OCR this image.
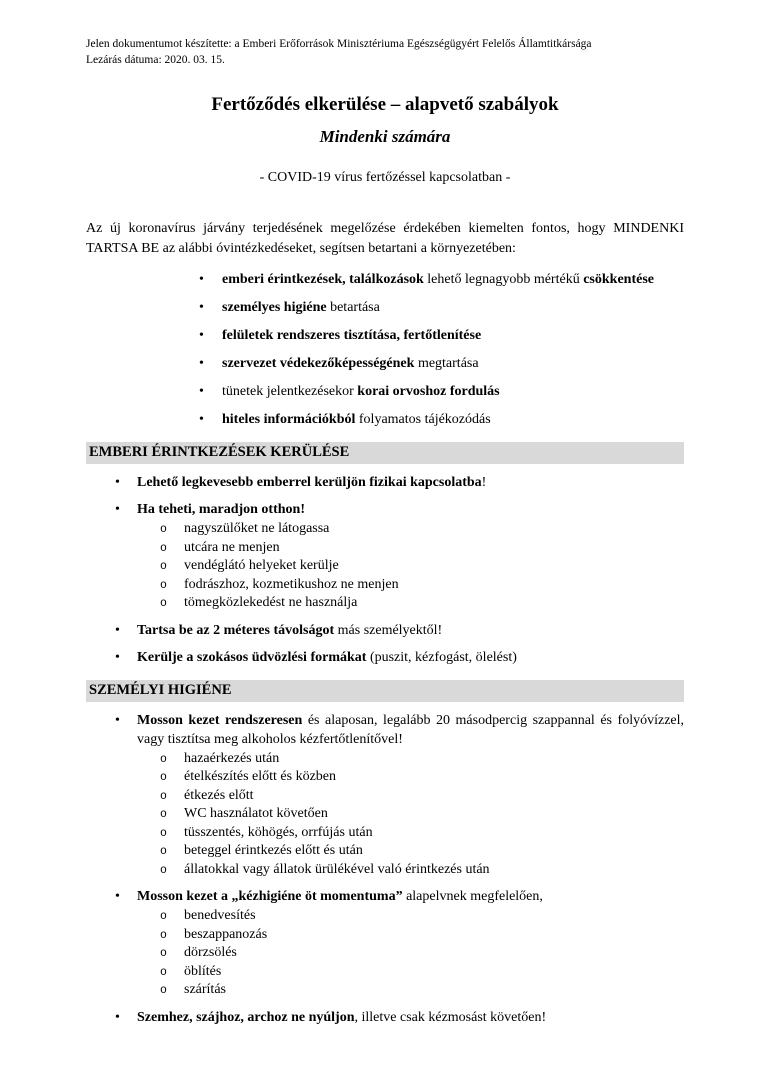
Jelen dokumentumot készítette: a Emberi Erőforrások Minisztériuma Egészségügyért Felelős Államtitkársága
Lezárás dátuma: 2020. 03. 15.
Fertőződés elkerülése – alapvető szabályok
Mindenki számára
- COVID-19 vírus fertőzéssel kapcsolatban -

Az új koronavírus járvány terjedésének megelőzése érdekében kiemelten fontos, hogy MINDENKI TARTSA BE az alábbi óvintézkedéseket, segítsen betartani a környezetében:

• emberi érintkezések, találkozások lehető legnagyobb mértékű csökkentése
• személyes higiéne betartása
• felületek rendszeres tisztítása, fertőtlenítése
• szervezet védekezőképességének megtartása
• tünetek jelentkezésekor korai orvoshoz fordulás
• hiteles információkból folyamatos tájékozódás
EMBERI ÉRINTKEZÉSEK KERÜLÉSE
• Lehető legkevesebb emberrel kerüljön fizikai kapcsolatba!
• Ha teheti, maradjon otthon!
o nagyszülőket ne látogassa
o utcára ne menjen
o vendéglátó helyeket kerülje
o fodrászhoz, kozmetikushoz ne menjen
o tömegközlekedést ne használja
• Tartsa be az 2 méteres távolságot más személyektől!
• Kerülje a szokásos üdvözlési formákat (puszit, kézfogást, ölelést)
SZEMÉLYI HIGIÉNE
• Mosson kezet rendszeresen és alaposan, legalább 20 másodpercig szappannal és folyóvízzel, vagy tisztítsa meg alkoholos kézfertőtlenítővel!
o hazaérkezés után
o ételkészítés előtt és közben
o étkezés előtt
o WC használatot követően
o tüsszentés, köhögés, orrfújás után
o beteggel érintkezés előtt és után
o állatokkal vagy állatok ürülékével való érintkezés után
• Mosson kezet a „kézhigiéne öt momentuma” alapelvnek megfelelően,
o benedvesítés
o beszappanozás
o dörzsölés
o öblítés
o szárítás
• Szemhez, szájhoz, archoz ne nyúljon, illetve csak kézmosást követően!
